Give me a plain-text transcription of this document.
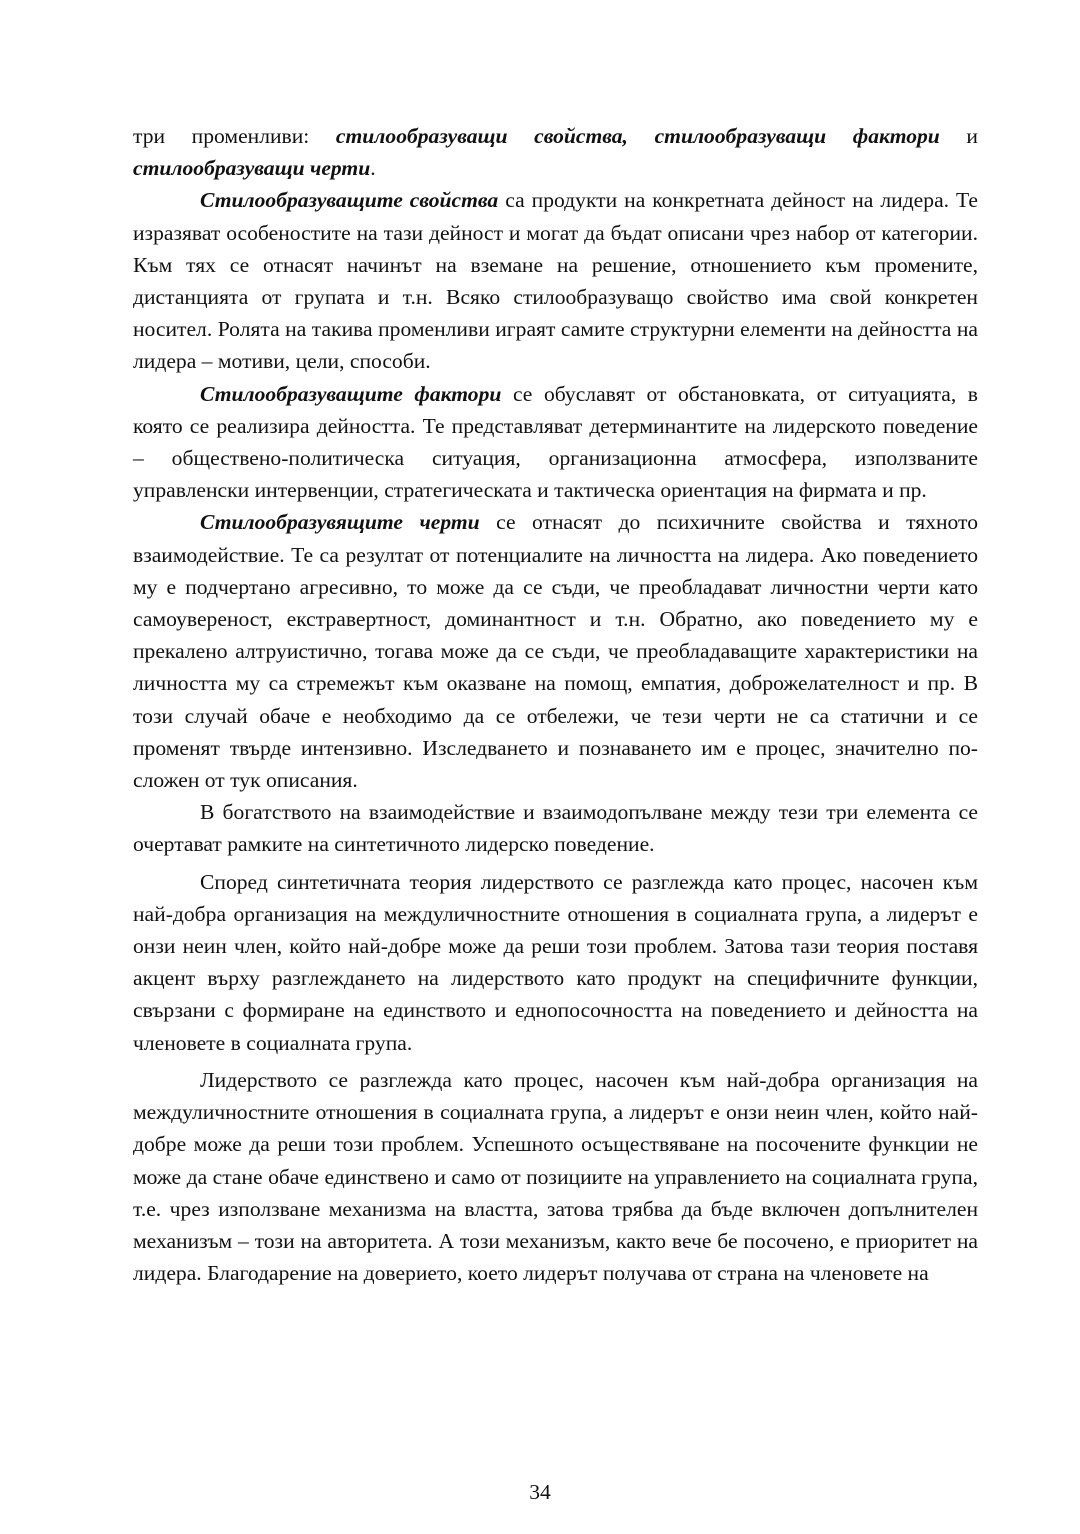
три променливи: стилообразуващи свойства, стилообразуващи фактори и стилообразуващи черти.

Стилообразуващите свойства са продукти на конкретната дейност на лидера. Те изразяват особеностите на тази дейност и могат да бъдат описани чрез набор от категории. Към тях се отнасят начинът на вземане на решение, отношението към промените, дистанцията от групата и т.н. Всяко стилообразуващо свойство има свой конкретен носител. Ролята на такива променливи играят самите структурни елементи на дейността на лидера – мотиви, цели, способи.

Стилообразуващите фактори се обуславят от обстановката, от ситуацията, в която се реализира дейността. Те представляват детерминантите на лидерското поведение – обществено-политическа ситуация, организационна атмосфера, използваните управленски интервенции, стратегическата и тактическа ориентация на фирмата и пр.

Стилообразувящите черти се отнасят до психичните свойства и тяхното взаимодействие. Те са резултат от потенциалите на личността на лидера. Ако поведението му е подчертано агресивно, то може да се съди, че преобладават личностни черти като самоувереност, екстравертност, доминантност и т.н. Обратно, ако поведението му е прекалено алтруистично, тогава може да се съди, че преобладаващите характеристики на личността му са стремежът към оказване на помощ, емпатия, доброжелателност и пр. В този случай обаче е необходимо да се отбележи, че тези черти не са статични и се променят твърде интензивно. Изследването и познаването им е процес, значително по-сложен от тук описания.

В богатството на взаимодействие и взаимодопълване между тези три елемента се очертават рамките на синтетичното лидерско поведение.

Според синтетичната теория лидерството се разглежда като процес, насочен към най-добра организация на междуличностните отношения в социалната група, а лидерът е онзи неин член, който най-добре може да реши този проблем. Затова тази теория поставя акцент върху разглеждането на лидерството като продукт на специфичните функции, свързани с формиране на единството и еднопосочността на поведението и дейността на членовете в социалната група.

Лидерството се разглежда като процес, насочен към най-добра организация на междуличностните отношения в социалната група, а лидерът е онзи неин член, който най-добре може да реши този проблем. Успешното осъществяване на посочените функции не може да стане обаче единствено и само от позициите на управлението на социалната група, т.е. чрез използване механизма на властта, затова трябва да бъде включен допълнителен механизъм – този на авторитета. А този механизъм, както вече бе посочено, е приоритет на лидера. Благодарение на доверието, което лидерът получава от страна на членовете на

34
